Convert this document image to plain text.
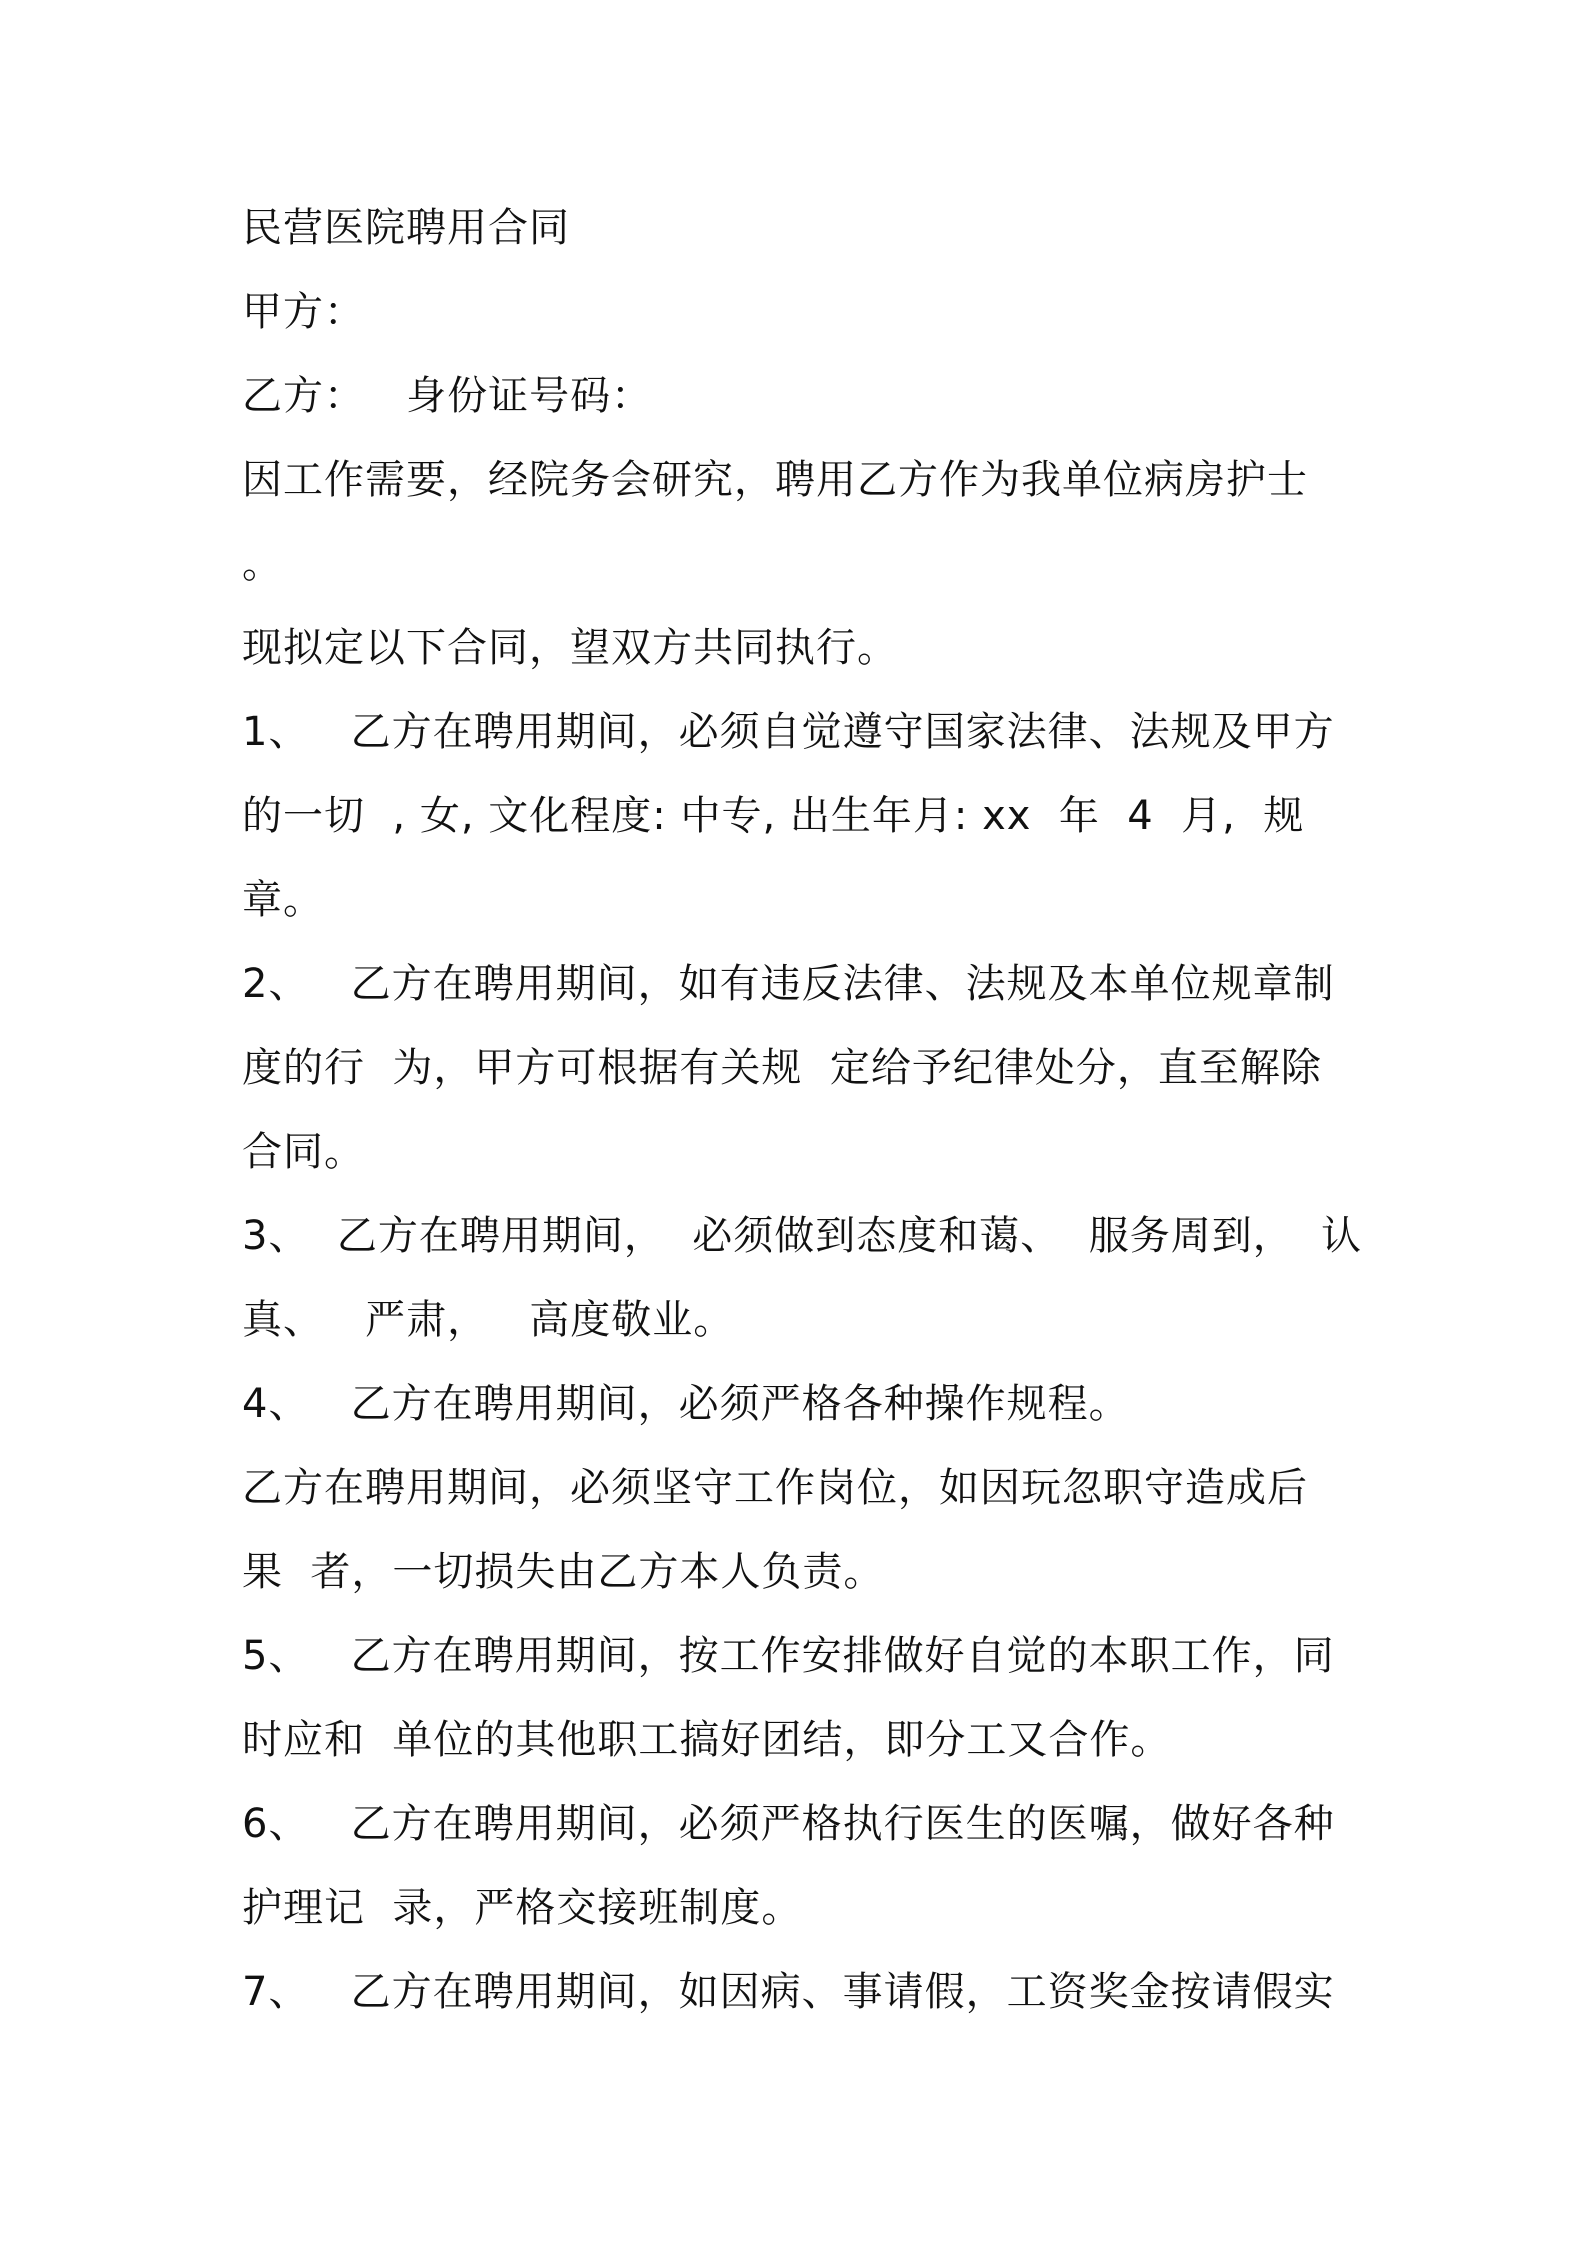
民营医院聘用合同
甲方：
乙方：   身份证号码：
因工作需要，经院务会研究，聘用乙方作为我单位病房护士
。
现拟定以下合同，望双方共同执行。
1、   乙方在聘用期间，必须自觉遵守国家法律、法规及甲方
的一切  , 女, 文化程度: 中专, 出生年月: xx  年  4  月,  规
章。
2、   乙方在聘用期间，如有违反法律、法规及本单位规章制
度的行  为，甲方可根据有关规  定给予纪律处分，直至解除
合同。
3、  乙方在聘用期间，  必须做到态度和蔼、  服务周到，  认
真、   严肃，   高度敬业。
4、   乙方在聘用期间，必须严格各种操作规程。
乙方在聘用期间，必须坚守工作岗位，如因玩忽职守造成后
果  者，一切损失由乙方本人负责。
5、   乙方在聘用期间，按工作安排做好自觉的本职工作，同
时应和  单位的其他职工搞好团结，即分工又合作。
6、   乙方在聘用期间，必须严格执行医生的医嘱，做好各种
护理记  录，严格交接班制度。
7、   乙方在聘用期间，如因病、事请假，工资奖金按请假实
